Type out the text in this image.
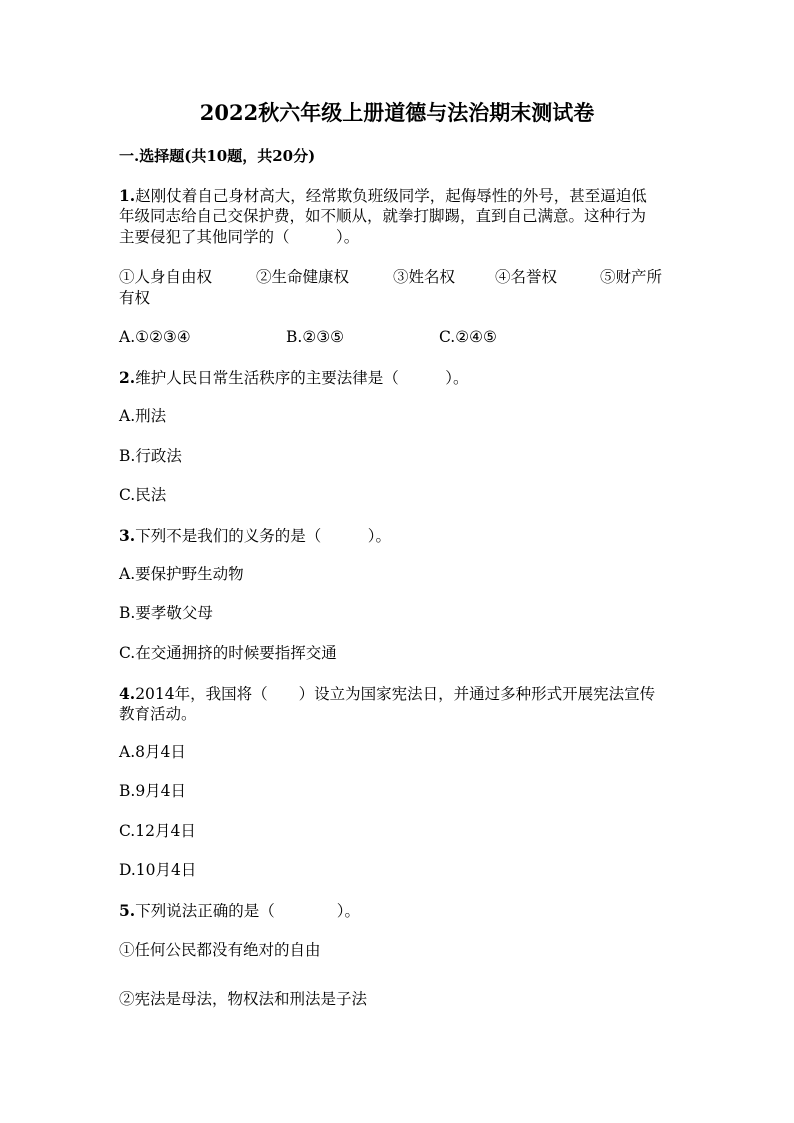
2022秋六年级上册道德与法治期末测试卷
一.选择题(共10题，共20分)
1.赵刚仗着自己身材高大，经常欺负班级同学，起侮辱性的外号，甚至逼迫低
年级同志给自己交保护费，如不顺从，就拳打脚踢，直到自己满意。这种行为
主要侵犯了其他同学的（　　　）。
①人身自由权	②生命健康权	③姓名权	④名誉权	⑤财产所
有权
A.①②③④	B.②③⑤	C.②④⑤
2.维护人民日常生活秩序的主要法律是（　　　）。
A.刑法
B.行政法
C.民法
3.下列不是我们的义务的是（　　　）。
A.要保护野生动物
B.要孝敬父母
C.在交通拥挤的时候要指挥交通
4.2014年，我国将（　　）设立为国家宪法日，并通过多种形式开展宪法宣传
教育活动。
A.8月4日
B.9月4日
C.12月4日
D.10月4日
5.下列说法正确的是（　　　　）。
①任何公民都没有绝对的自由
②宪法是母法，物权法和刑法是子法
